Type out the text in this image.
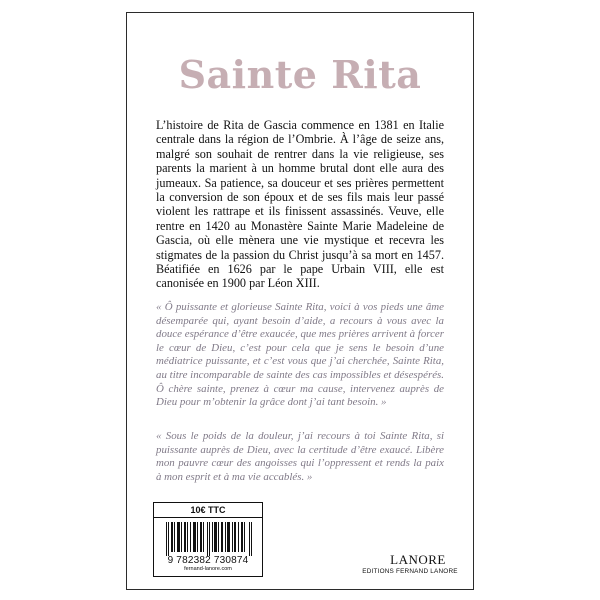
Sainte Rita
L’histoire de Rita de Gascia commence en 1381 en Italie centrale dans la région de l’Ombrie. À l’âge de seize ans, malgré son souhait de rentrer dans la vie religieuse, ses parents la marient à un homme brutal dont elle aura des jumeaux. Sa patience, sa douceur et ses prières permettent la conversion de son époux et de ses fils mais leur passé violent les rattrape et ils finissent assassinés. Veuve, elle rentre en 1420 au Monastère Sainte Marie Madeleine de Gascia, où elle mènera une vie mystique et recevra les stigmates de la passion du Christ jusqu’à sa mort en 1457. Béatifiée en 1626 par le pape Urbain VIII, elle est canonisée en 1900 par Léon XIII.
« Ô puissante et glorieuse Sainte Rita, voici à vos pieds une âme désemparée qui, ayant besoin d’aide, a recours à vous avec la douce espérance d’être exaucée, que mes prières arrivent à forcer le cœur de Dieu, c’est pour cela que je sens le besoin d’une médiatrice puissante, et c’est vous que j’ai cherchée, Sainte Rita, au titre incomparable de sainte des cas impossibles et désespérés. Ô chère sainte, prenez à cœur ma cause, intervenez auprès de Dieu pour m’obtenir la grâce dont j’ai tant besoin. »
« Sous le poids de la douleur, j’ai recours à toi Sainte Rita, si puissante auprès de Dieu, avec la certitude d’être exaucé. Libère mon pauvre cœur des angoisses qui l’oppressent et rends la paix à mon esprit et à ma vie accablés. »
10€ TTC
9 782382 730874
fernand-lanore.com
LANORE
EDITIONS FERNAND LANORE
